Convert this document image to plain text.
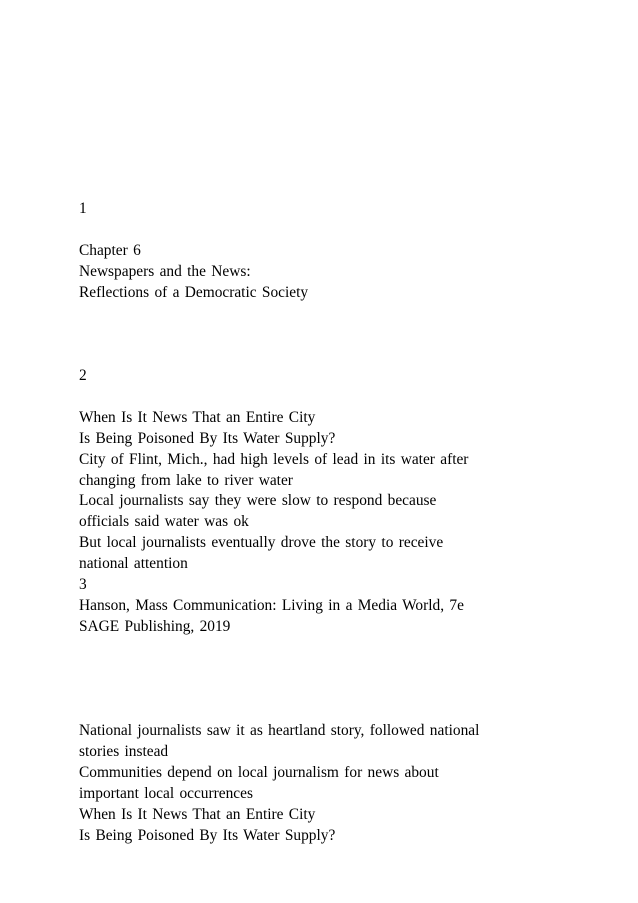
1
Chapter 6
Newspapers and the News:
Reflections of a Democratic Society
2
When Is It News That an Entire City
Is Being Poisoned By Its Water Supply?
City of Flint, Mich., had high levels of lead in its water after
changing from lake to river water
Local journalists say they were slow to respond because
officials said water was ok
But local journalists eventually drove the story to receive
national attention
3
Hanson, Mass Communication: Living in a Media World, 7e
SAGE Publishing, 2019
National journalists saw it as heartland story, followed national
stories instead
Communities depend on local journalism for news about
important local occurrences
When Is It News That an Entire City
Is Being Poisoned By Its Water Supply?
